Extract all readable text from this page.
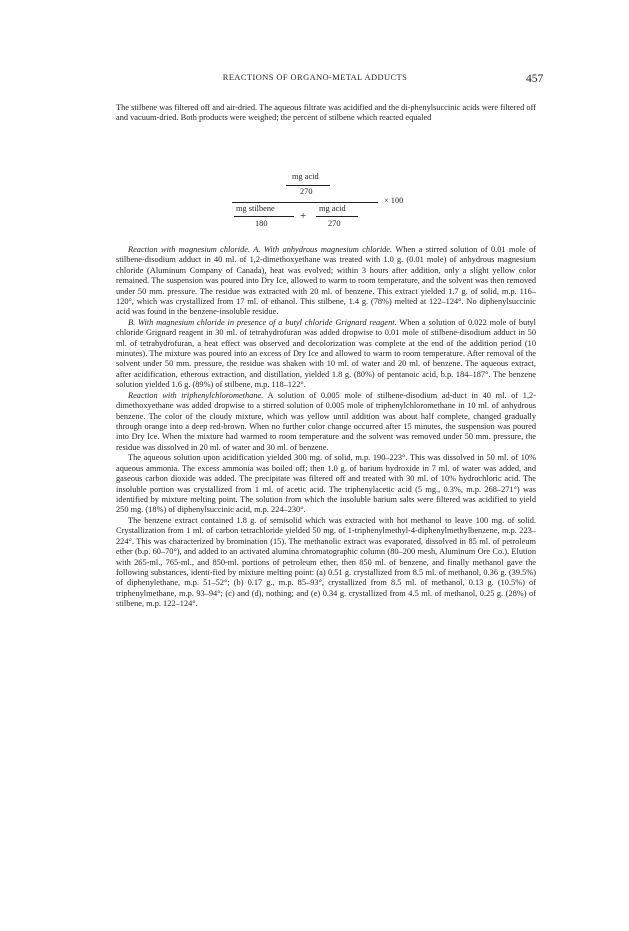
REACTIONS OF ORGANO-METAL ADDUCTS	457

The stilbene was filtered off and air-dried. The aqueous filtrate was acidified and the di-phenylsuccinic acids were filtered off and vacuum-dried. Both products were weighed; the percent of stilbene which reacted equaled

mg acid
270
× 100
mg stilbene
180
+
mg acid
270

Reaction with magnesium chloride. A. With anhydrous magnesium chloride. When a stirred solution of 0.01 mole of stilbene-disodium adduct in 40 ml. of 1,2-dimethoxyethane was treated with 1.0 g. (0.01 mole) of anhydrous magnesium chloride (Aluminum Company of Canada), heat was evolved; within 3 hours after addition, only a slight yellow color remained. The suspension was poured into Dry Ice, allowed to warm to room temperature, and the solvent was then removed under 50 mm. pressure. The residue was extracted with 20 ml. of benzene. This extract yielded 1.7 g. of solid, m.p. 116–120°, which was crystallized from 17 ml. of ethanol. This stilbene, 1.4 g. (78%) melted at 122–124°. No diphenylsuccinic acid was found in the benzene-insoluble residue.

B. With magnesium chloride in presence of a butyl chloride Grignard reagent. When a solution of 0.022 mole of butyl chloride Grignard reagent in 30 ml. of tetrahydrofuran was added dropwise to 0.01 mole of stilbene-disodium adduct in 50 ml. of tetrahydrofuran, a heat effect was observed and decolorization was complete at the end of the addition period (10 minutes). The mixture was poured into an excess of Dry Ice and allowed to warm to room temperature. After removal of the solvent under 50 mm. pressure, the residue was shaken with 10 ml. of water and 20 ml. of benzene. The aqueous extract, after acidification, etherous extraction, and distillation, yielded 1.8 g. (80%) of pentanoic acid, b.p. 184–187°. The benzene solution yielded 1.6 g. (89%) of stilbene, m.p. 118–122°.

Reaction with triphenylchloromethane. A solution of 0.005 mole of stilbene-disodium ad-duct in 40 ml. of 1,2-dimethoxyethane was added dropwise to a stirred solution of 0.005 mole of triphenylchloromethane in 10 ml. of anhydrous benzene. The color of the cloudy mixture, which was yellow until addition was about half complete, changed gradually through orange into a deep red-brown. When no further color change occurred after 15 minutes, the suspension was poured into Dry Ice. When the mixture had warmed to room temperature and the solvent was removed under 50 mm. pressure, the residue was dissolved in 20 ml. of water and 30 ml. of benzene.

The aqueous solution upon acidification yielded 300 mg. of solid, m.p. 190–223°. This was dissolved in 50 ml. of 10% aqueous ammonia. The excess ammonia was boiled off; then 1.0 g. of barium hydroxide in 7 ml. of water was added, and gaseous carbon dioxide was added. The precipitate was filtered off and treated with 30 ml. of 10% hydrochloric acid. The insoluble portion was crystallized from 1 ml. of acetic acid. The triphenylacetic acid (5 mg., 0.3%, m.p. 268–271°) was identified by mixture melting point. The solution from which the insoluble barium salts were filtered was acidified to yield 250 mg. (18%) of diphenylsuccinic acid, m.p. 224–230°.

The benzene extract contained 1.8 g. of semisolid which was extracted with hot methanol to leave 100 mg. of solid. Crystallization from 1 ml. of carbon tetrachloride yielded 50 mg. of 1-triphenylmethyl-4-diphenylmethylbenzene, m.p. 223–224°. This was characterized by bromination (15). The methanolic extract was evaporated, dissolved in 85 ml. of petroleum ether (b.p. 60–70°), and added to an activated alumina chromatographic column (80–200 mesh, Aluminum Ore Co.). Elution with 265-ml., 765-ml., and 850-ml. portions of petroleum ether, then 850 ml. of benzene, and finally methanol gave the following substances, identi-fied by mixture melting point: (a) 0.51 g. crystallized from 8.5 ml. of methanol, 0.36 g. (39.5%) of diphenylethane, m.p. 51–52°; (b) 0.17 g., m.p. 85–93°, crystallized from 8.5 ml. of methanol, 0.13 g. (10.5%) of triphenylmethane, m.p. 93–94°; (c) and (d), nothing; and (e) 0.34 g. crystallized from 4.5 ml. of methanol, 0.25 g. (28%) of stilbene, m.p. 122–124°.
